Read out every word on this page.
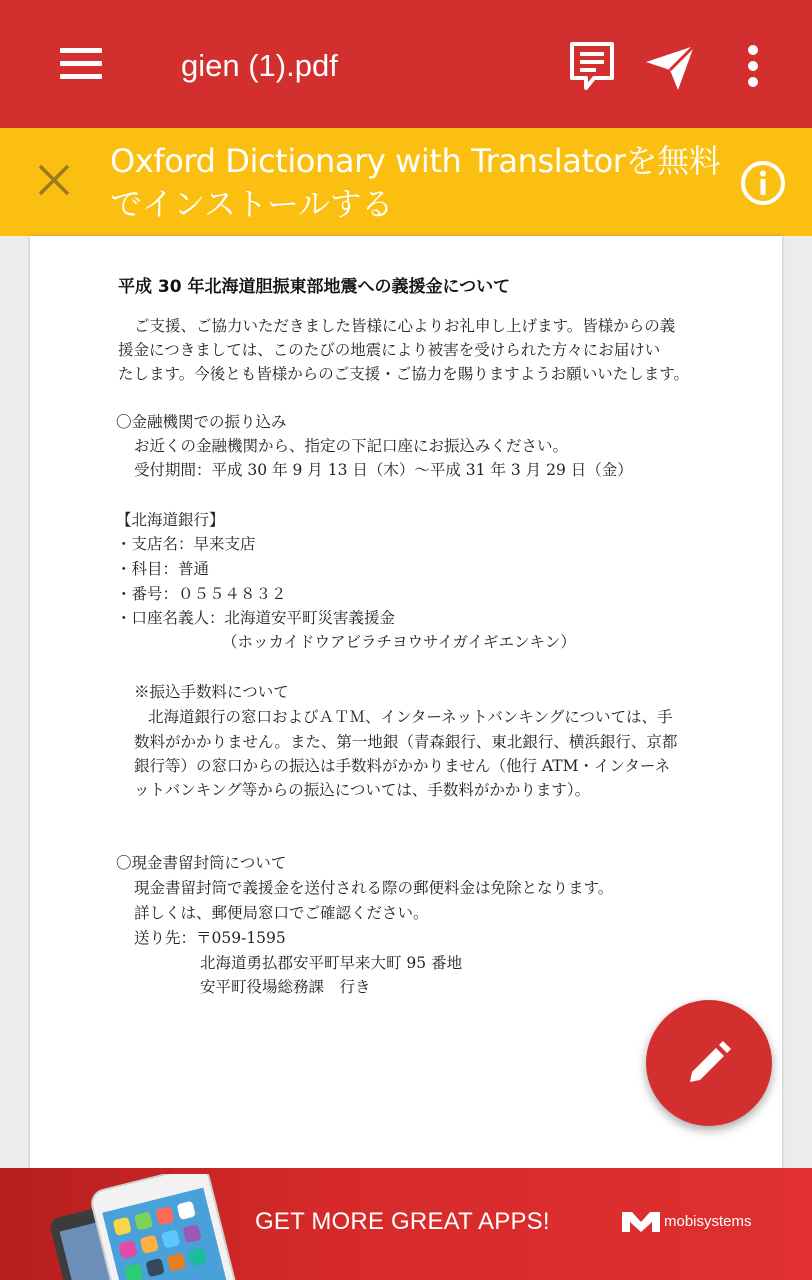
gien (1).pdf
Oxford Dictionary with Translatorを無料でインストールする
平成 30 年北海道胆振東部地震への義援金について
ご支援、ご協力いただきました皆様に心よりお礼申し上げます。皆様からの義
援金につきましては、このたびの地震により被害を受けられた方々にお届けい
たします。今後とも皆様からのご支援・ご協力を賜りますようお願いいたします。
〇金融機関での振り込み
お近くの金融機関から、指定の下記口座にお振込みください。
受付期間：平成 30 年 9 月 13 日（木）～平成 31 年 3 月 29 日（金）
【北海道銀行】
・支店名：早来支店
・科目：普通
・番号：０５５４８３２
・口座名義人：北海道安平町災害義援金
（ホッカイドウアビラチヨウサイガイギエンキン）
※振込手数料について
北海道銀行の窓口およびＡＴＭ、インターネットバンキングについては、手
数料がかかりません。また、第一地銀（青森銀行、東北銀行、横浜銀行、京都
銀行等）の窓口からの振込は手数料がかかりません（他行 ATM・インターネ
ットバンキング等からの振込については、手数料がかかります）。
〇現金書留封筒について
現金書留封筒で義援金を送付される際の郵便料金は免除となります。
詳しくは、郵便局窓口でご確認ください。
送り先：〒059-1595
北海道勇払郡安平町早来大町 95 番地
安平町役場総務課　行き
GET MORE GREAT APPS!	mobisystems
